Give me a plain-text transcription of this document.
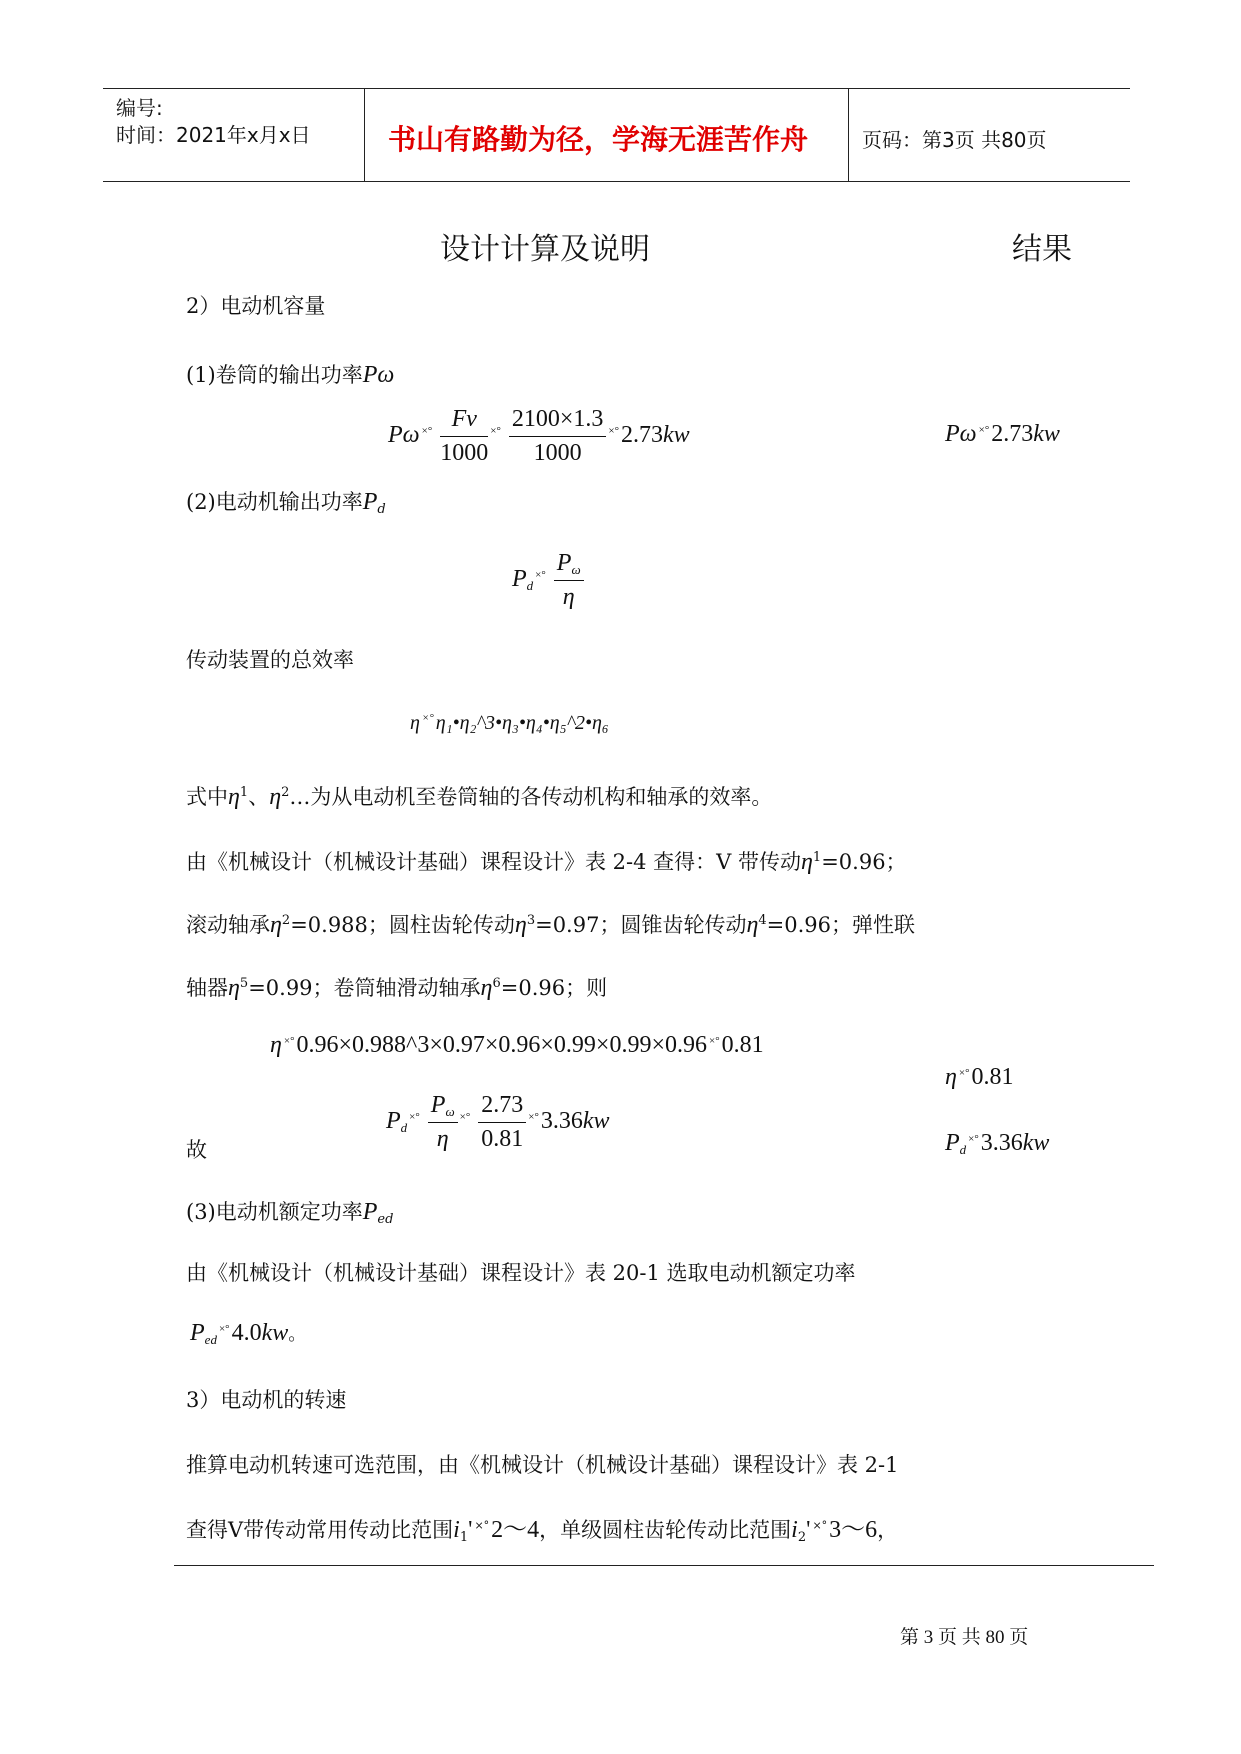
编号:
时间：2021年x月x日	书山有路勤为径，学海无涯苦作舟	页码：第3页 共80页
设计计算及说明	结果
2）电动机容量
(1)卷筒的输出功率Pω
Pω $^{\times^\circ} \frac{Fv}{1000} ^{\times^\circ} \frac{2100\times 1.3}{1000} ^{\times^\circ}2.73kw$	Pω ×°2.73kw
(2)电动机输出功率Pd
$Pd^{\times^\circ} \frac{P\omega}{\eta}$
传动装置的总效率
η ×° η₁•η₂^3•η₃•η₄•η₅^2•η₆
式中$\eta^1$、$\eta^2\dots$为从电动机至卷筒轴的各传动机构和轴承的效率。
由《机械设计（机械设计基础）课程设计》表 2-4 查得：V 带传动$\eta^1=0.96$；
滚动轴承$\eta^2=0.988$；圆柱齿轮传动$\eta^3=0.97$；圆锥齿轮传动$\eta^4=0.96$；弹性联
轴器$\eta^5=0.99$；卷筒轴滑动轴承$\eta^6=0.96$；则
η ×°0.96×0.988^3×0.97×0.96×0.99×0.99×0.96 ×°0.81
η ×°0.81
$Pd^{\times^\circ} \frac{P\omega}{\eta} ^{\times^\circ} \frac{2.73}{0.81} ^{\times^\circ}3.36kw$
故	Pd×°3.36kw
(3)电动机额定功率Ped
由《机械设计（机械设计基础）课程设计》表 20-1 选取电动机额定功率
Ped×°4.0kw。
3）电动机的转速
推算电动机转速可选范围，由《机械设计（机械设计基础）课程设计》表 2-1
查得V带传动常用传动比范围i1' ×°2～4，单级圆柱齿轮传动比范围i2' ×°3～6，
第 3 页 共 80 页
